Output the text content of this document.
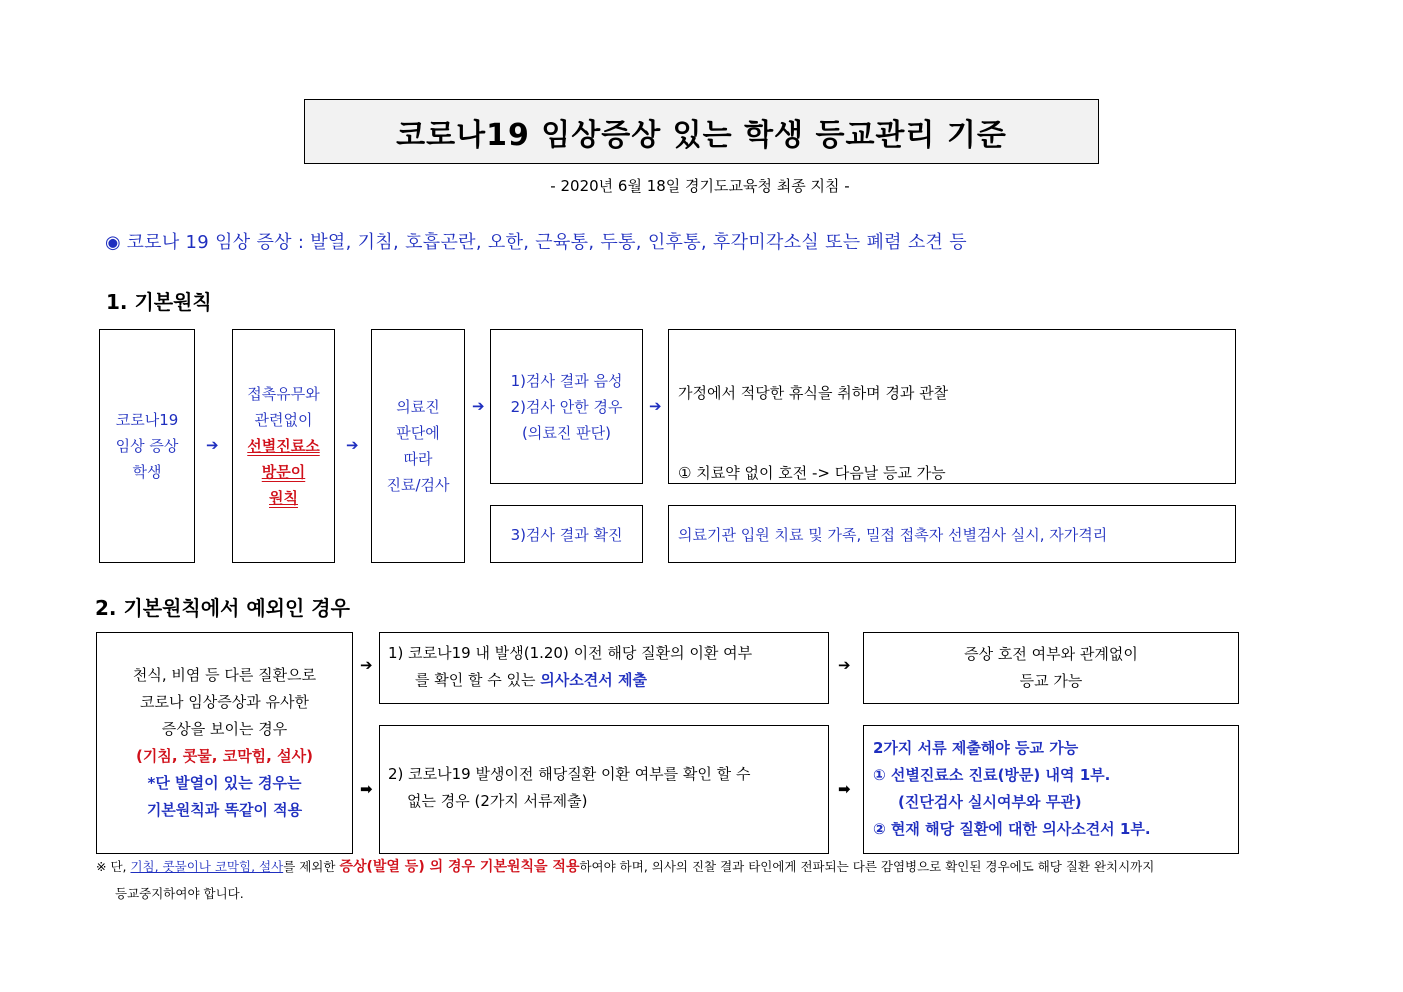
코로나19 임상증상 있는 학생 등교관리 기준
- 2020년 6월 18일 경기도교육청 최종 지침 -
◉ 코로나 19 임상 증상 : 발열, 기침, 호흡곤란, 오한, 근육통, 두통, 인후통, 후각미각소실 또는 폐렴 소견 등
1. 기본원칙
코로나19
임상 증상
학생
➔
접촉유무와
관련없이
선별진료소
방문이
원칙
➔
의료진
판단에
따라
진료/검사
➔
1)검사 결과 음성
2)검사 안한 경우
(의료진 판단)
➔

가정에서 적당한 휴식을 취하며 경과 관찰

① 치료약 없이 호전 -> 다음날 등교 가능

3)검사 결과 확진	의료기관 입원 치료 및 가족, 밀접 접촉자 선별검사 실시, 자가격리
2. 기본원칙에서 예외인 경우
천식, 비염 등 다른 질환으로
코로나 임상증상과 유사한
증상을 보이는 경우
(기침, 콧물, 코막힘, 설사)
*단 발열이 있는 경우는
기본원칙과 똑같이 적용
➔
➡
1) 코로나19 내 발생(1.20) 이전 해당 질환의 이환 여부
를 확인 할 수 있는 의사소견서 제출
➔
증상 호전 여부와 관계없이
등교 가능
2) 코로나19 발생이전 해당질환 이환 여부를 확인 할 수
없는 경우 (2가지 서류제출)
➡
2가지 서류 제출해야 등교 가능
① 선별진료소 진료(방문) 내역 1부.
(진단검사 실시여부와 무관)
② 현재 해당 질환에 대한 의사소견서 1부.
※ 단, 기침, 콧물이나 코막힘, 설사를 제외한 증상(발열 등) 의 경우 기본원칙을 적용하여야 하며, 의사의 진찰 결과 타인에게 전파되는 다른 감염병으로 확인된 경우에도 해당 질환 완치시까지
등교중지하여야 합니다.
